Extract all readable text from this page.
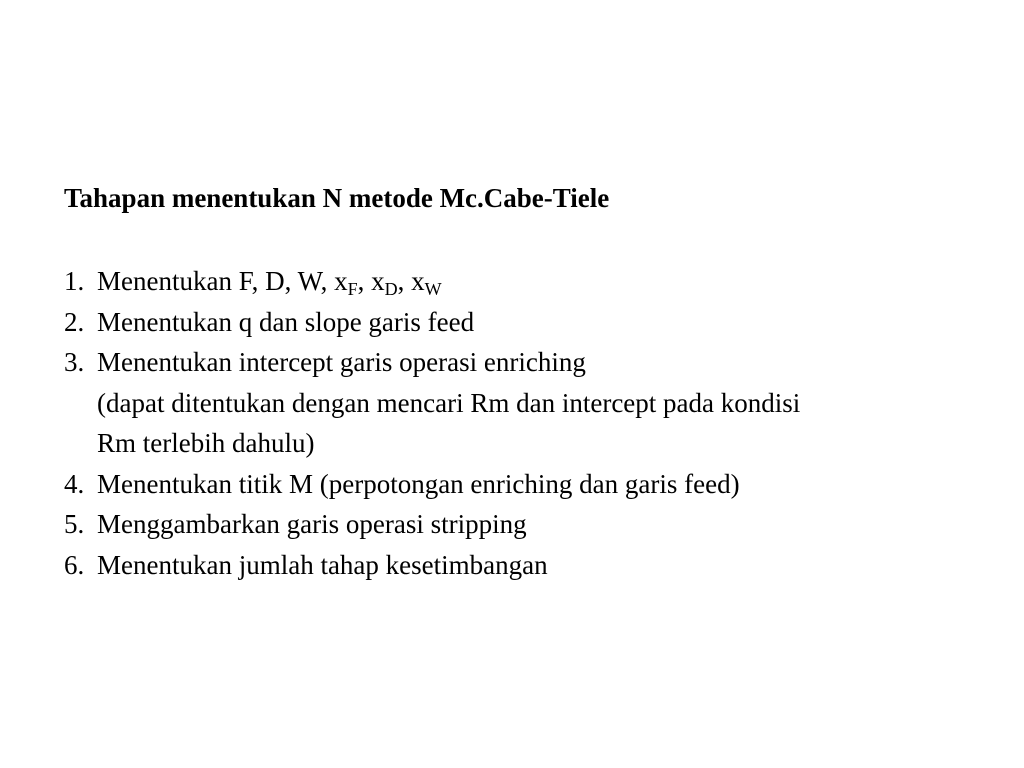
Tahapan menentukan N metode Mc.Cabe-Tiele
1. Menentukan F, D, W, $x_F$, $x_D$, $x_W$
2. Menentukan q dan slope garis feed
3. Menentukan intercept garis operasi enriching
(dapat ditentukan dengan mencari Rm dan intercept pada kondisi
Rm terlebih dahulu)
4. Menentukan titik M (perpotongan enriching dan garis feed)
5. Menggambarkan garis operasi stripping
6. Menentukan jumlah tahap kesetimbangan
